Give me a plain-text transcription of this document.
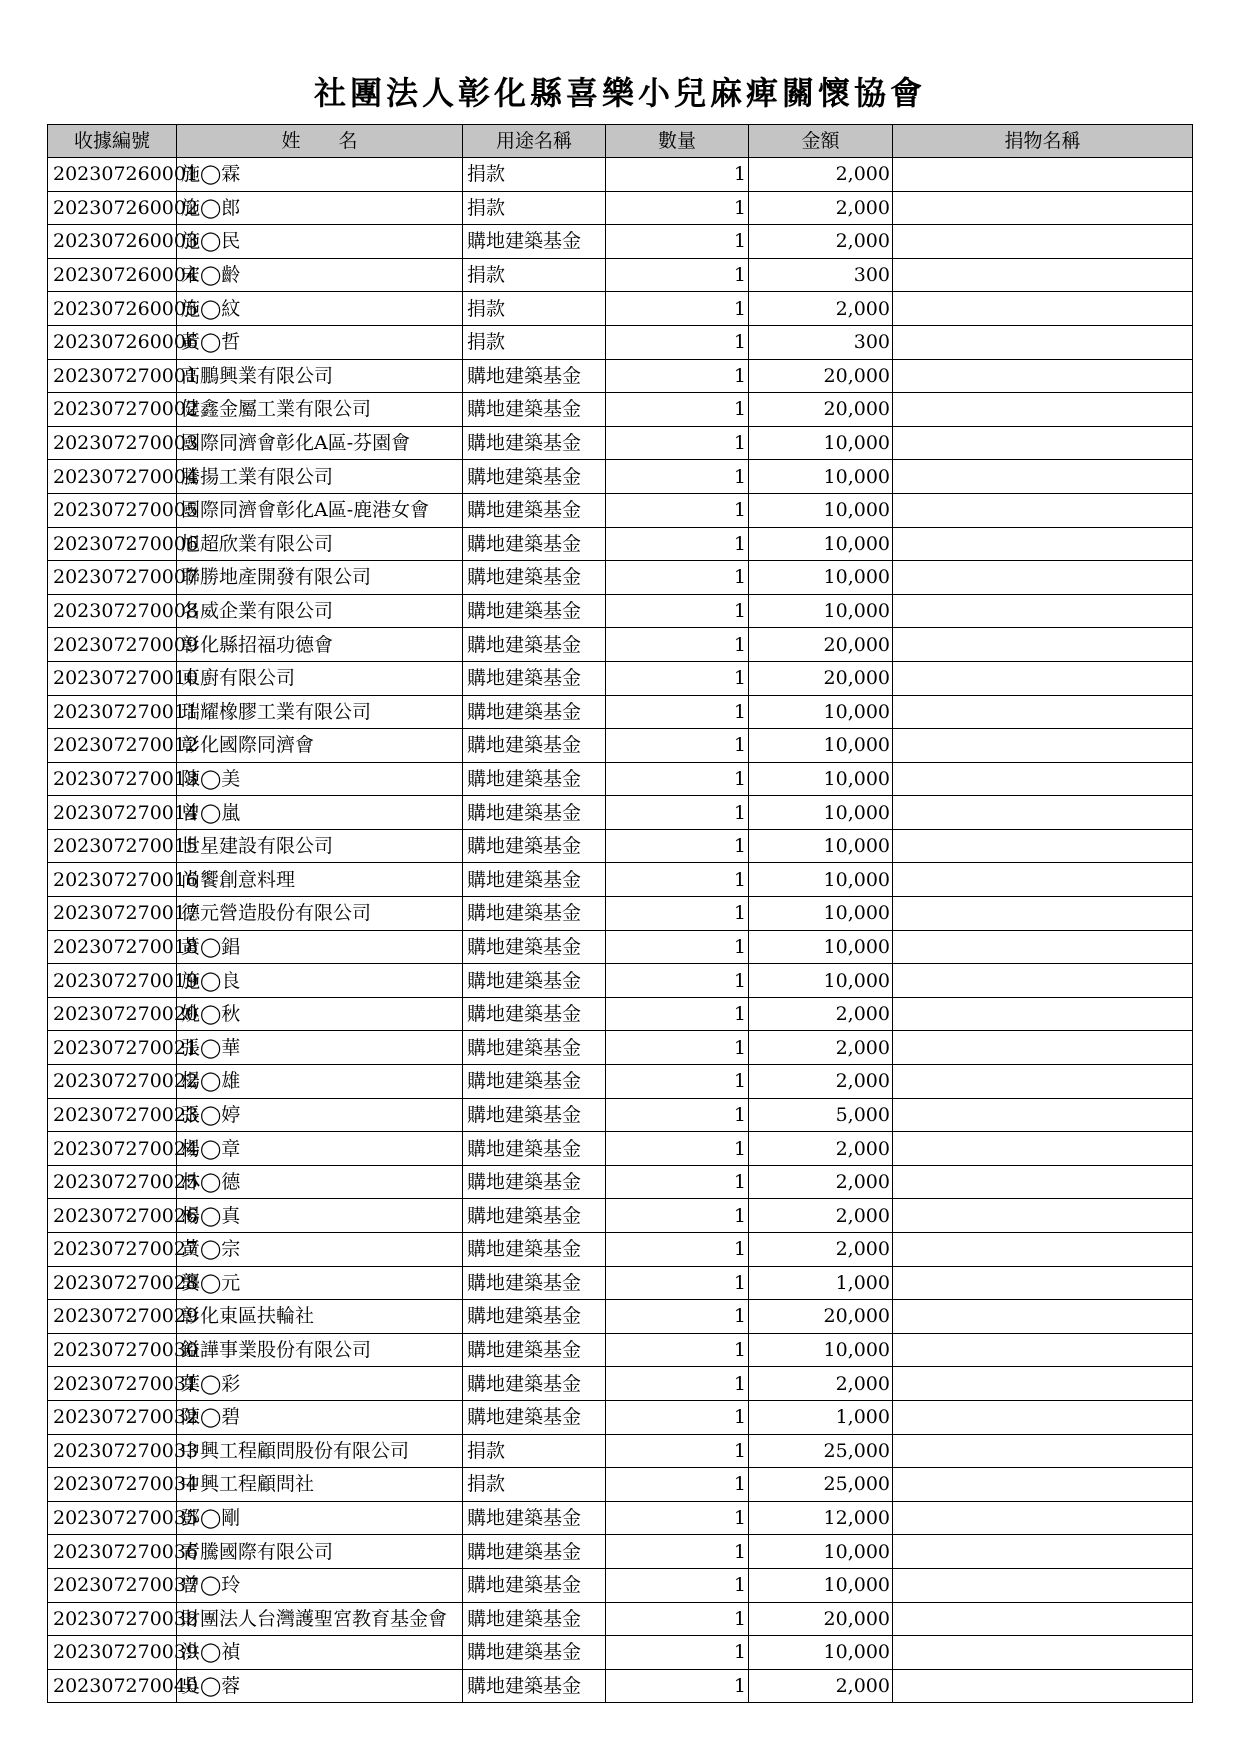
社團法人彰化縣喜樂小兒麻痺關懷協會
收據編號	姓　　名	用途名稱	數量	金額	捐物名稱
202307260001	施◯霖	捐款	1	2,000	
202307260002	施◯郎	捐款	1	2,000	
202307260003	施◯民	購地建築基金	1	2,000	
202307260004	宋◯齡	捐款	1	300	
202307260005	施◯紋	捐款	1	2,000	
202307260006	黃◯哲	捐款	1	300	
202307270001	高鵬興業有限公司	購地建築基金	1	20,000	
202307270002	健鑫金屬工業有限公司	購地建築基金	1	20,000	
202307270003	國際同濟會彰化A區-芬園會	購地建築基金	1	10,000	
202307270004	騰揚工業有限公司	購地建築基金	1	10,000	
202307270005	國際同濟會彰化A區-鹿港女會	購地建築基金	1	10,000	
202307270006	旭超欣業有限公司	購地建築基金	1	10,000	
202307270007	聯勝地產開發有限公司	購地建築基金	1	10,000	
202307270008	名威企業有限公司	購地建築基金	1	10,000	
202307270009	彰化縣招福功德會	購地建築基金	1	20,000	
202307270010	東廚有限公司	購地建築基金	1	20,000	
202307270011	瑞耀橡膠工業有限公司	購地建築基金	1	10,000	
202307270012	彰化國際同濟會	購地建築基金	1	10,000	
202307270013	陳◯美	購地建築基金	1	10,000	
202307270014	曾◯嵐	購地建築基金	1	10,000	
202307270015	世星建設有限公司	購地建築基金	1	10,000	
202307270016	尚饗創意料理	購地建築基金	1	10,000	
202307270017	德元營造股份有限公司	購地建築基金	1	10,000	
202307270018	黃◯錩	購地建築基金	1	10,000	
202307270019	施◯良	購地建築基金	1	10,000	
202307270020	姚◯秋	購地建築基金	1	2,000	
202307270021	張◯華	購地建築基金	1	2,000	
202307270022	楊◯雄	購地建築基金	1	2,000	
202307270023	張◯婷	購地建築基金	1	5,000	
202307270024	楊◯章	購地建築基金	1	2,000	
202307270025	林◯德	購地建築基金	1	2,000	
202307270026	楊◯真	購地建築基金	1	2,000	
202307270027	黃◯宗	購地建築基金	1	2,000	
202307270028	龔◯元	購地建築基金	1	1,000	
202307270029	彰化東區扶輪社	購地建築基金	1	20,000	
202307270030	鎰譁事業股份有限公司	購地建築基金	1	10,000	
202307270031	葉◯彩	購地建築基金	1	2,000	
202307270032	陳◯碧	購地建築基金	1	1,000	
202307270033	中興工程顧問股份有限公司	捐款	1	25,000	
202307270034	中興工程顧問社	捐款	1	25,000	
202307270035	鄧◯剛	購地建築基金	1	12,000	
202307270036	青騰國際有限公司	購地建築基金	1	10,000	
202307270037	曾◯玲	購地建築基金	1	10,000	
202307270038	財團法人台灣護聖宮教育基金會	購地建築基金	1	20,000	
202307270039	洪◯禎	購地建築基金	1	10,000	
202307270040	吳◯蓉	購地建築基金	1	2,000	
